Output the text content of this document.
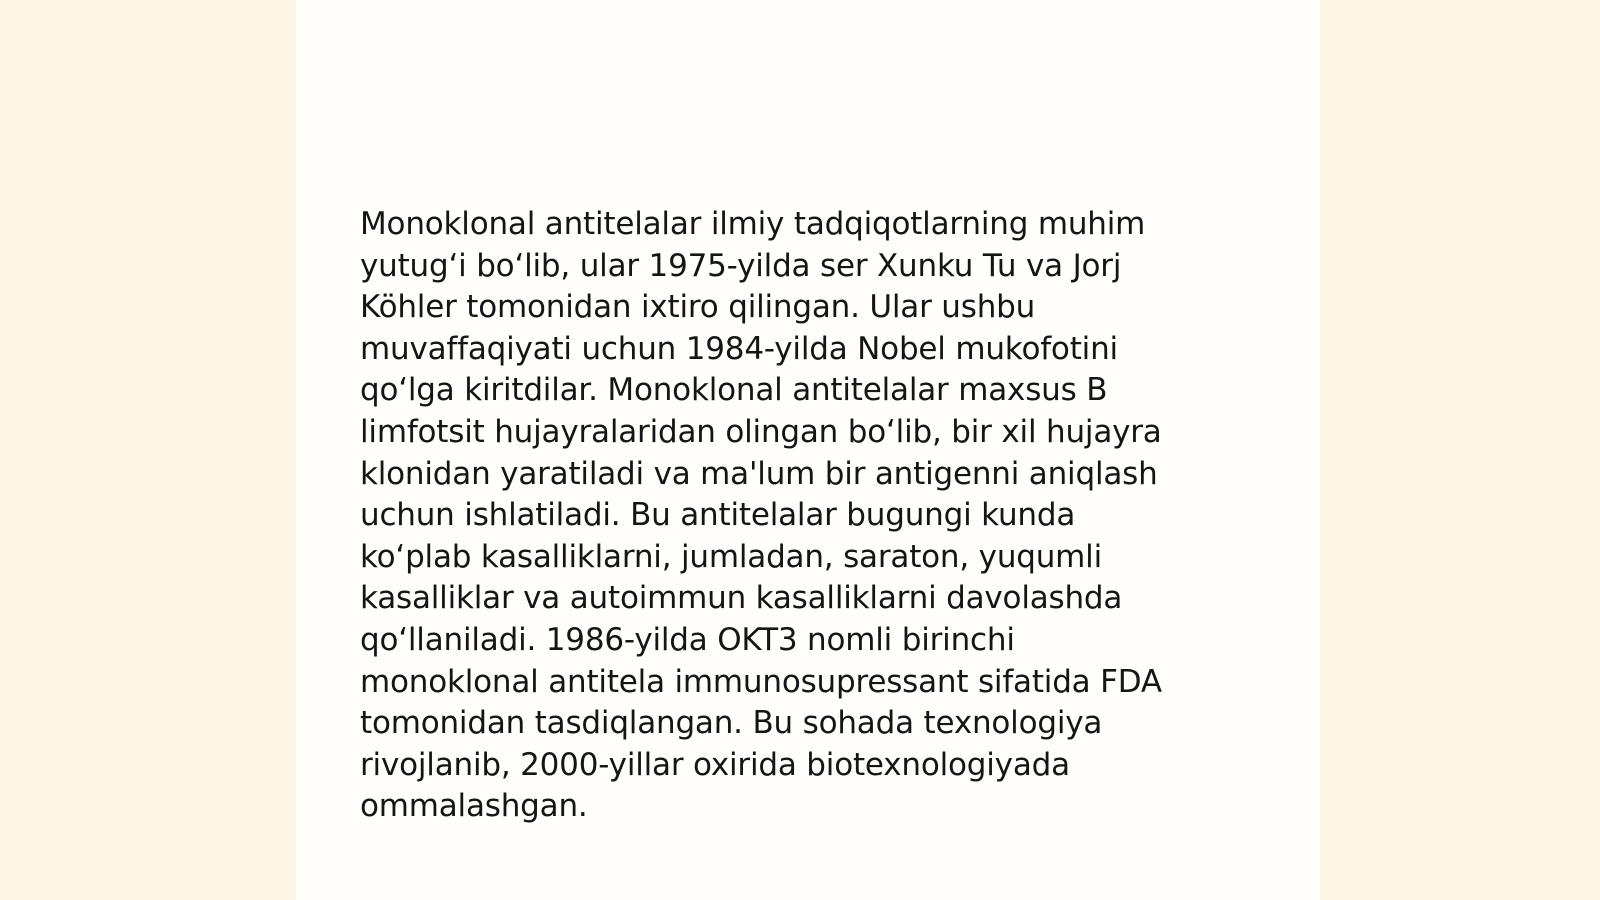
Monoklonal antitelalar ilmiy tadqiqotlarning muhim
yutug‘i bo‘lib, ular 1975-yilda ser Xunku Tu va Jorj
Köhler tomonidan ixtiro qilingan. Ular ushbu
muvaffaqiyati uchun 1984-yilda Nobel mukofotini
qo‘lga kiritdilar. Monoklonal antitelalar maxsus B
limfotsit hujayralaridan olingan bo‘lib, bir xil hujayra
klonidan yaratiladi va ma'lum bir antigenni aniqlash
uchun ishlatiladi. Bu antitelalar bugungi kunda
ko‘plab kasalliklarni, jumladan, saraton, yuqumli
kasalliklar va autoimmun kasalliklarni davolashda
qo‘llaniladi. 1986-yilda OKT3 nomli birinchi
monoklonal antitela immunosupressant sifatida FDA
tomonidan tasdiqlangan. Bu sohada texnologiya
rivojlanib, 2000-yillar oxirida biotexnologiyada
ommalashgan.
